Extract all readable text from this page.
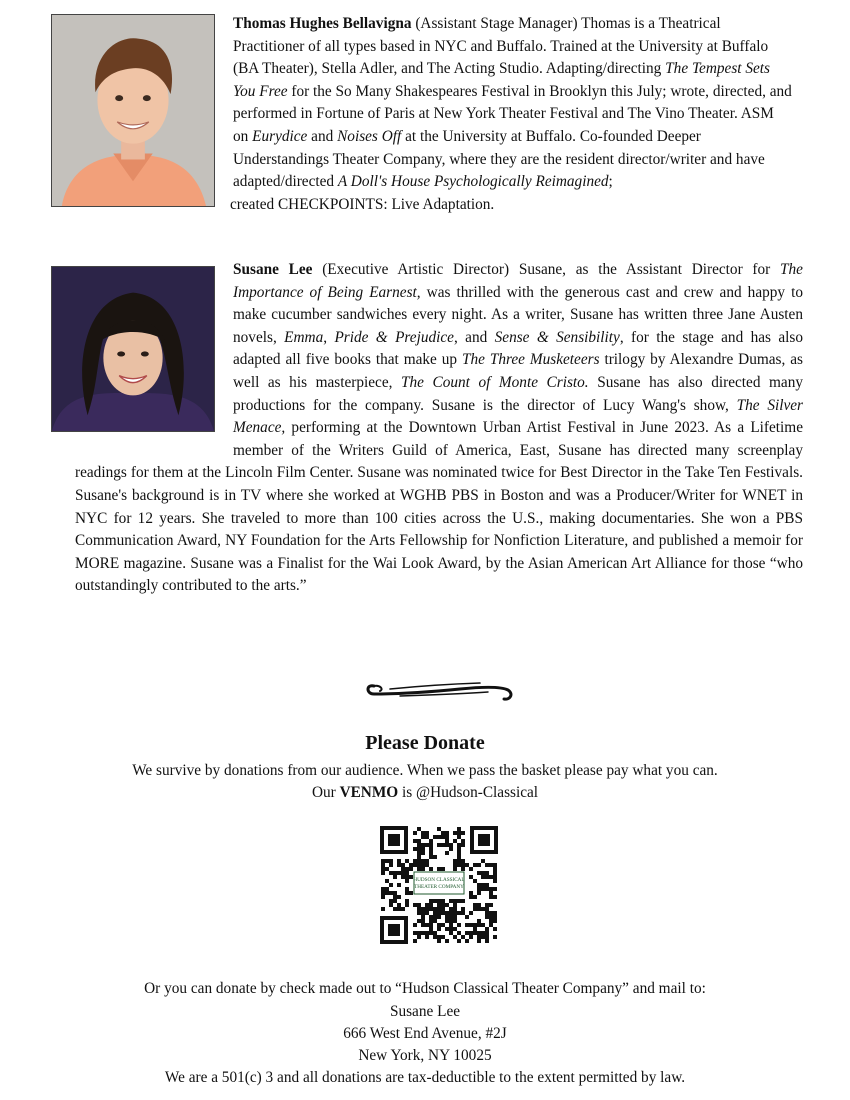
Thomas Hughes Bellavigna (Assistant Stage Manager) Thomas is a Theatrical Practitioner of all types based in NYC and Buffalo. Trained at the University at Buffalo (BA Theater), Stella Adler, and The Acting Studio. Adapting/directing The Tempest Sets You Free for the So Many Shakespeares Festival in Brooklyn this July; wrote, directed, and performed in Fortune of Paris at New York Theater Festival and The Vino Theater. ASM on Eurydice and Noises Off at the University at Buffalo. Co-founded Deeper Understandings Theater Company, where they are the resident director/writer and have adapted/directed A Doll's House Psychologically Reimagined;
created CHECKPOINTS: Live Adaptation.

Susane Lee (Executive Artistic Director) Susane, as the Assistant Director for The Importance of Being Earnest, was thrilled with the generous cast and crew and happy to make cucumber sandwiches every night. As a writer, Susane has written three Jane Austen novels, Emma, Pride & Prejudice, and Sense & Sensibility, for the stage and has also adapted all five books that make up The Three Musketeers trilogy by Alexandre Dumas, as well as his masterpiece, The Count of Monte Cristo. Susane has also directed many productions for the company. Susane is the director of Lucy Wang's show, The Silver Menace, performing at the Downtown Urban Artist Festival in June 2023. As a Lifetime member of the Writers Guild of America, East, Susane has directed many screenplay readings for them at the Lincoln Film Center. Susane was nominated twice for Best Director in the Take Ten Festivals. Susane's background is in TV where she worked at WGHB PBS in Boston and was a Producer/Writer for WNET in NYC for 12 years. She traveled to more than 100 cities across the U.S., making documentaries. She won a PBS Communication Award, NY Foundation for the Arts Fellowship for Nonfiction Literature, and published a memoir for MORE magazine. Susane was a Finalist for the Wai Look Award, by the Asian American Art Alliance for those “who outstandingly contributed to the arts.”

Please Donate

We survive by donations from our audience. When we pass the basket please pay what you can.

Our VENMO is @Hudson-Classical

HUDSON CLASSICAL
THEATER COMPANY

Or you can donate by check made out to “Hudson Classical Theater Company” and mail to:

Susane Lee

666 West End Avenue, #2J

New York, NY 10025

We are a 501(c) 3 and all donations are tax-deductible to the extent permitted by law.
